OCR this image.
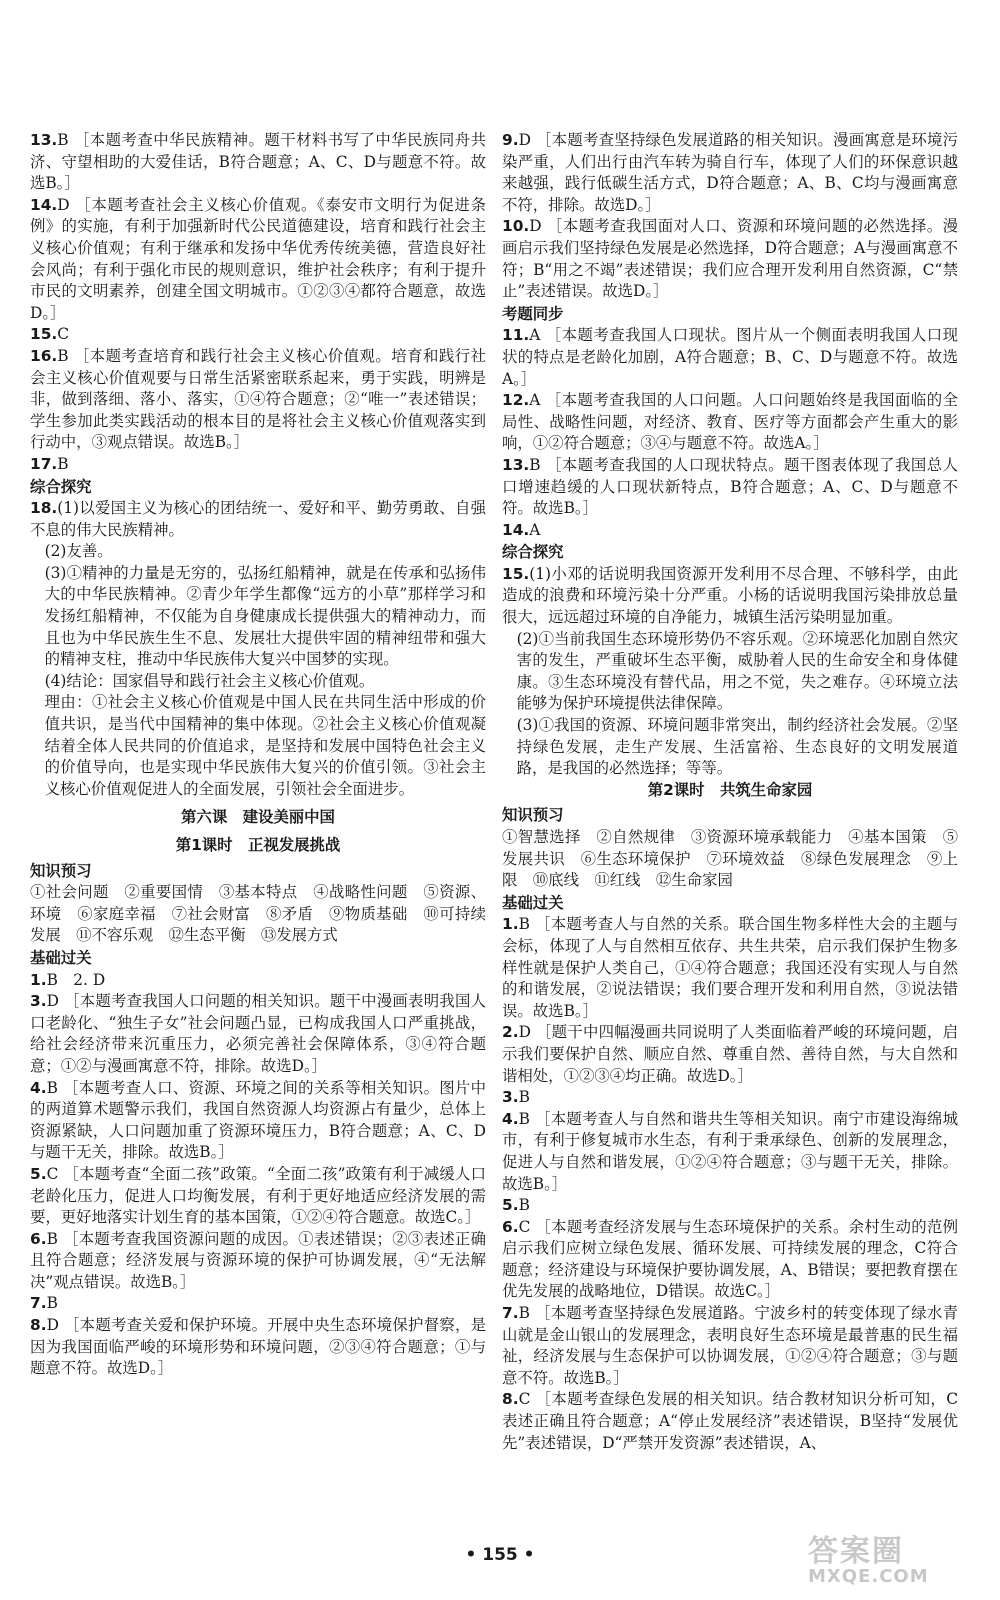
13.B ［本题考查中华民族精神。题干材料书写了中华民族同舟共济、守望相助的大爱佳话，B符合题意；A、C、D与题意不符。故选B。］

14.D ［本题考查社会主义核心价值观。《泰安市文明行为促进条例》的实施，有利于加强新时代公民道德建设，培育和践行社会主义核心价值观；有利于继承和发扬中华优秀传统美德，营造良好社会风尚；有利于强化市民的规则意识，维护社会秩序；有利于提升市民的文明素养，创建全国文明城市。①②③④都符合题意，故选D。］

15.C

16.B ［本题考查培育和践行社会主义核心价值观。培育和践行社会主义核心价值观要与日常生活紧密联系起来，勇于实践，明辨是非，做到落细、落小、落实，①④符合题意；②“唯一”表述错误；学生参加此类实践活动的根本目的是将社会主义核心价值观落实到行动中，③观点错误。故选B。］

17.B

综合探究

18.(1)以爱国主义为核心的团结统一、爱好和平、勤劳勇敢、自强不息的伟大民族精神。

(2)友善。

(3)①精神的力量是无穷的，弘扬红船精神，就是在传承和弘扬伟大的中华民族精神。②青少年学生都像“远方的小草”那样学习和发扬红船精神，不仅能为自身健康成长提供强大的精神动力，而且也为中华民族生生不息、发展壮大提供牢固的精神纽带和强大的精神支柱，推动中华民族伟大复兴中国梦的实现。

(4)结论：国家倡导和践行社会主义核心价值观。

理由：①社会主义核心价值观是中国人民在共同生活中形成的价值共识，是当代中国精神的集中体现。②社会主义核心价值观凝结着全体人民共同的价值追求，是坚持和发展中国特色社会主义的价值导向，也是实现中华民族伟大复兴的价值引领。③社会主义核心价值观促进人的全面发展，引领社会全面进步。

第六课　建设美丽中国

第1课时　正视发展挑战

知识预习

①社会问题　②重要国情　③基本特点　④战略性问题　⑤资源、环境　⑥家庭幸福　⑦社会财富　⑧矛盾　⑨物质基础　⑩可持续发展　⑪不容乐观　⑫生态平衡　⑬发展方式

基础过关

1.B　2. D

3.D ［本题考查我国人口问题的相关知识。题干中漫画表明我国人口老龄化、“独生子女”社会问题凸显，已构成我国人口严重挑战，给社会经济带来沉重压力，必须完善社会保障体系，③④符合题意；①②与漫画寓意不符，排除。故选D。］

4.B ［本题考查人口、资源、环境之间的关系等相关知识。图片中的两道算术题警示我们，我国自然资源人均资源占有量少，总体上资源紧缺，人口问题加重了资源环境压力，B符合题意；A、C、D与题干无关，排除。故选B。］

5.C ［本题考查“全面二孩”政策。“全面二孩”政策有利于减缓人口老龄化压力，促进人口均衡发展，有利于更好地适应经济发展的需要，更好地落实计划生育的基本国策，①②④符合题意。故选C。］

6.B ［本题考查我国资源问题的成因。①表述错误；②③表述正确且符合题意；经济发展与资源环境的保护可协调发展，④“无法解决”观点错误。故选B。］

7.B

8.D ［本题考查关爱和保护环境。开展中央生态环境保护督察，是因为我国面临严峻的环境形势和环境问题，②③④符合题意；①与题意不符。故选D。］

9.D ［本题考查坚持绿色发展道路的相关知识。漫画寓意是环境污染严重，人们出行由汽车转为骑自行车，体现了人们的环保意识越来越强，践行低碳生活方式，D符合题意；A、B、C均与漫画寓意不符，排除。故选D。］

10.D ［本题考查我国面对人口、资源和环境问题的必然选择。漫画启示我们坚持绿色发展是必然选择，D符合题意；A与漫画寓意不符；B“用之不竭”表述错误；我们应合理开发利用自然资源，C“禁止”表述错误。故选D。］

考题同步

11.A ［本题考查我国人口现状。图片从一个侧面表明我国人口现状的特点是老龄化加剧，A符合题意；B、C、D与题意不符。故选A。］

12.A ［本题考查我国的人口问题。人口问题始终是我国面临的全局性、战略性问题，对经济、教育、医疗等方面都会产生重大的影响，①②符合题意；③④与题意不符。故选A。］

13.B ［本题考查我国的人口现状特点。题干图表体现了我国总人口增速趋缓的人口现状新特点，B符合题意；A、C、D与题意不符。故选B。］

14.A

综合探究

15.(1)小邓的话说明我国资源开发利用不尽合理、不够科学，由此造成的浪费和环境污染十分严重。小杨的话说明我国污染排放总量很大，远远超过环境的自净能力，城镇生活污染明显加重。

(2)①当前我国生态环境形势仍不容乐观。②环境恶化加剧自然灾害的发生，严重破坏生态平衡，威胁着人民的生命安全和身体健康。③生态环境没有替代品，用之不觉，失之难存。④环境立法能够为保护环境提供法律保障。

(3)①我国的资源、环境问题非常突出，制约经济社会发展。②坚持绿色发展，走生产发展、生活富裕、生态良好的文明发展道路，是我国的必然选择；等等。

第2课时　共筑生命家园

知识预习

①智慧选择　②自然规律　③资源环境承载能力　④基本国策　⑤发展共识　⑥生态环境保护　⑦环境效益　⑧绿色发展理念　⑨上限　⑩底线　⑪红线　⑫生命家园

基础过关

1.B ［本题考查人与自然的关系。联合国生物多样性大会的主题与会标，体现了人与自然相互依存、共生共荣，启示我们保护生物多样性就是保护人类自己，①④符合题意；我国还没有实现人与自然的和谐发展，②说法错误；我们要合理开发和利用自然，③说法错误。故选B。］

2.D ［题干中四幅漫画共同说明了人类面临着严峻的环境问题，启示我们要保护自然、顺应自然、尊重自然、善待自然，与大自然和谐相处，①②③④均正确。故选D。］

3.B

4.B ［本题考查人与自然和谐共生等相关知识。南宁市建设海绵城市，有利于修复城市水生态，有利于秉承绿色、创新的发展理念，促进人与自然和谐发展，①②④符合题意；③与题干无关，排除。故选B。］

5.B

6.C ［本题考查经济发展与生态环境保护的关系。余村生动的范例启示我们应树立绿色发展、循环发展、可持续发展的理念，C符合题意；经济建设与环境保护要协调发展，A、B错误；要把教育摆在优先发展的战略地位，D错误。故选C。］

7.B ［本题考查坚持绿色发展道路。宁波乡村的转变体现了绿水青山就是金山银山的发展理念，表明良好生态环境是最普惠的民生福祉，经济发展与生态保护可以协调发展，①②④符合题意；③与题意不符。故选B。］

8.C ［本题考查绿色发展的相关知识。结合教材知识分析可知，C表述正确且符合题意；A“停止发展经济”表述错误，B坚持“发展优先”表述错误，D“严禁开发资源”表述错误，A、

• 155 •	答案圈
MXQE.COM
